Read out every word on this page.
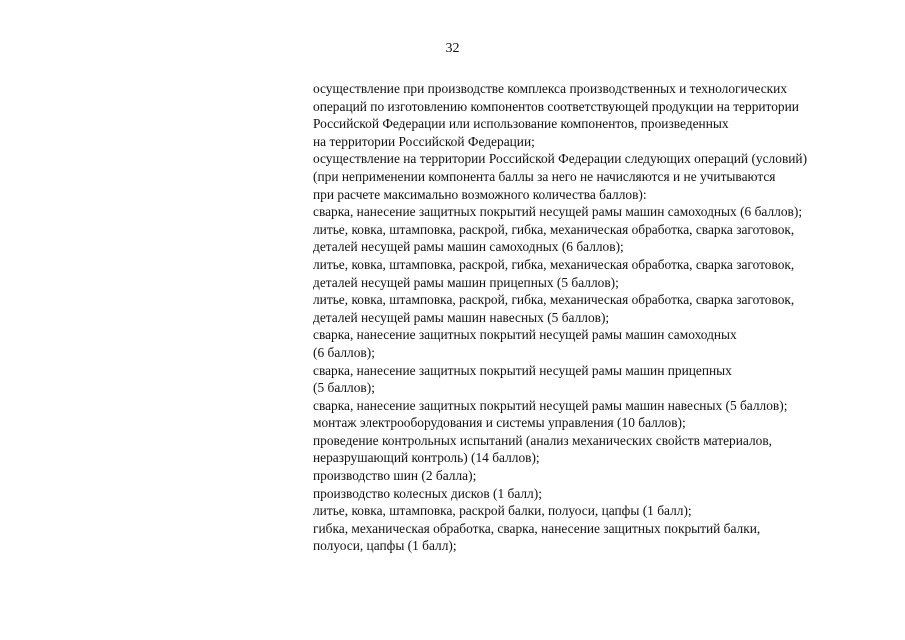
32
осуществление при производстве комплекса производственных и технологических
операций по изготовлению компонентов соответствующей продукции на территории
Российской Федерации или использование компонентов, произведенных
на территории Российской Федерации;
осуществление на территории Российской Федерации следующих операций (условий)
(при неприменении компонента баллы за него не начисляются и не учитываются
при расчете максимально возможного количества баллов):
сварка, нанесение защитных покрытий несущей рамы машин самоходных (6 баллов);
литье, ковка, штамповка, раскрой, гибка, механическая обработка, сварка заготовок,
деталей несущей рамы машин самоходных (6 баллов);
литье, ковка, штамповка, раскрой, гибка, механическая обработка, сварка заготовок,
деталей несущей рамы машин прицепных (5 баллов);
литье, ковка, штамповка, раскрой, гибка, механическая обработка, сварка заготовок,
деталей несущей рамы машин навесных (5 баллов);
сварка, нанесение защитных покрытий несущей рамы машин самоходных
(6 баллов);
сварка, нанесение защитных покрытий несущей рамы машин прицепных
(5 баллов);
сварка, нанесение защитных покрытий несущей рамы машин навесных (5 баллов);
монтаж электрооборудования и системы управления (10 баллов);
проведение контрольных испытаний (анализ механических свойств материалов,
неразрушающий контроль) (14 баллов);
производство шин (2 балла);
производство колесных дисков (1 балл);
литье, ковка, штамповка, раскрой балки, полуоси, цапфы (1 балл);
гибка, механическая обработка, сварка, нанесение защитных покрытий балки,
полуоси, цапфы (1 балл);
